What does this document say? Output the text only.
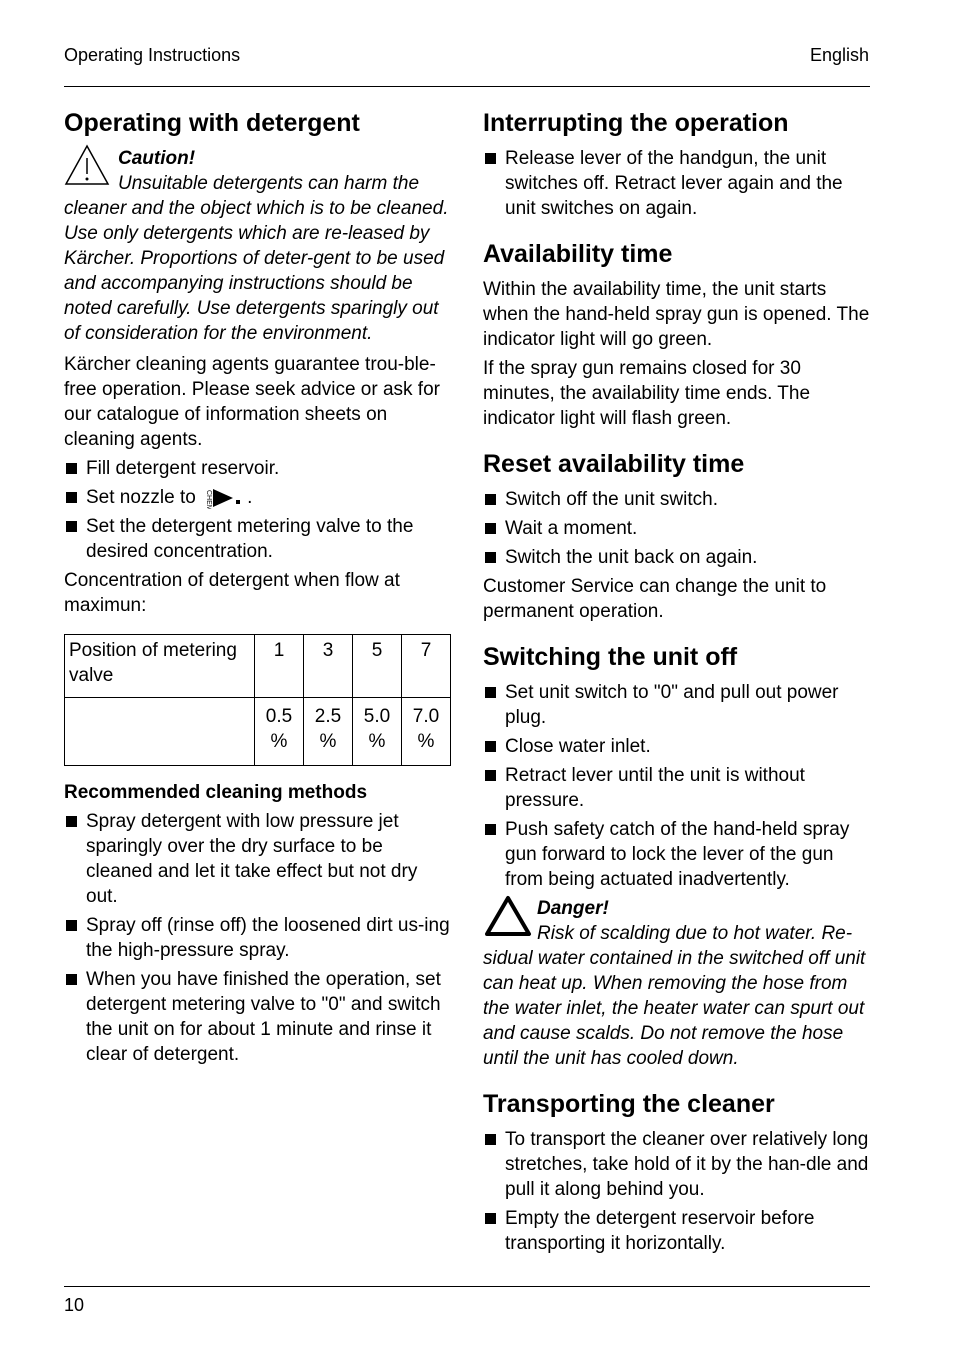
Operating Instructions	English
Operating with detergent

Caution!

Unsuitable detergents can harm the

cleaner and the object which is to be cleaned. Use only detergents which are re-leased by Kärcher. Proportions of deter-gent to be used and accompanying instructions should be noted carefully. Use detergents sparingly out of consideration for the environment.

Kärcher cleaning agents guarantee trou-ble-free operation. Please seek advice or ask for our catalogue of information sheets on cleaning agents.

Fill detergent reservoir.
Set nozzle to CHEM .
Set the detergent metering valve to the desired concentration.

Concentration of detergent when flow at maximun:

Position of metering valve	1	3	5	7
	0.5 %	2.5 %	5.0 %	7.0 %
Recommended cleaning methods
Spray detergent with low pressure jet sparingly over the dry surface to be cleaned and let it take effect but not dry out.
Spray off (rinse off) the loosened dirt us-ing the high-pressure spray.
When you have finished the operation, set detergent metering valve to "0" and switch the unit on for about 1 minute and rinse it clear of detergent.
Interrupting the operation
Release lever of the handgun, the unit switches off. Retract lever again and the unit switches on again.
Availability time

Within the availability time, the unit starts when the hand-held spray gun is opened. The indicator light will go green.

If the spray gun remains closed for 30 minutes, the availability time ends. The indicator light will flash green.

Reset availability time
Switch off the unit switch.
Wait a moment.
Switch the unit back on again.

Customer Service can change the unit to permanent operation.

Switching the unit off
Set unit switch to "0" and pull out power plug.
Close water inlet.
Retract lever until the unit is without pressure.
Push safety catch of the hand-held spray gun forward to lock the lever of the gun from being actuated inadvertently.

Danger!

Risk of scalding due to hot water. Re-

sidual water contained in the switched off unit can heat up. When removing the hose from the water inlet, the heater water can spurt out and cause scalds. Do not remove the hose until the unit has cooled down.

Transporting the cleaner
To transport the cleaner over relatively long stretches, take hold of it by the han-dle and pull it along behind you.
Empty the detergent reservoir before transporting it horizontally.
10
